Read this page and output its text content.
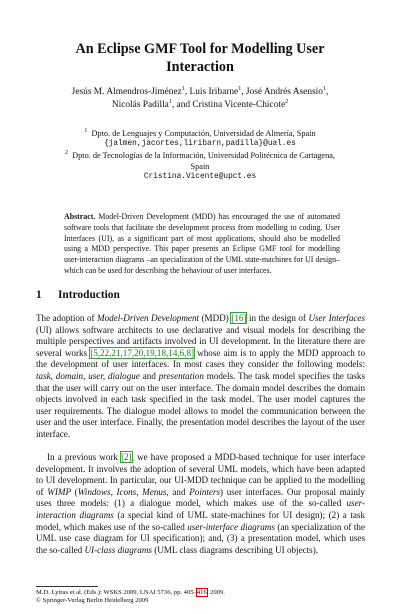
An Eclipse GMF Tool for Modelling User
Interaction
Jesús M. Almendros-Jiménez$^1$, Luis Iribarne$^1$, José Andrés Asensio$^1$,
Nicolás Padilla$^1$, and Cristina Vicente-Chicote$^2$
$^1$ Dpto. de Lenguajes y Computación, Universidad de Almería, Spain
{jalmen,jacortes,liribarn,padilla}@ual.es
$^2$ Dpto. de Tecnologías de la Información, Universidad Politécnica de Cartagena,
Spain
Cristina.Vicente@upct.es
Abstract. Model-Driven Development (MDD) has encouraged the use of automated software tools that facilitate the development process from modelling to coding. User Interfaces (UI), as a significant part of most applications, should also be modelled using a MDD perspective. This paper presents an Eclipse GMF tool for modelling user-interaction diagrams –an specialization of the UML state-machines for UI design– which can be used for describing the behaviour of user interfaces.
1 Introduction
The adoption of Model-Driven Development (MDD) [16] in the design of User Interfaces (UI) allows software architects to use declarative and visual models for describing the multiple perspectives and artifacts involved in UI development. In the literature there are several works [5,22,21,17,20,19,18,14,6,8] whose aim is to apply the MDD approach to the development of user interfaces. In most cases they consider the following models: task, domain, user, dialogue and presentation models. The task model specifies the tasks that the user will carry out on the user interface. The domain model describes the domain objects involved in each task specified in the task model. The user model captures the user requirements. The dialogue model allows to model the communication between the user and the user interface. Finally, the presentation model describes the layout of the user interface.
In a previous work [2], we have proposed a MDD-based technique for user interface development. It involves the adoption of several UML models, which have been adapted to UI development. In particular, our UI-MDD technique can be applied to the modelling of WIMP (Windows, Icons, Menus, and Pointers) user interfaces. Our proposal mainly uses three models: (1) a dialogue model, which makes use of the so-called user-interaction diagrams (a special kind of UML state-machines for UI design); (2) a task model, which makes use of the so-called user-interface diagrams (an specialization of the UML use case diagram for UI specification); and, (3) a presentation model, which uses the so-called UI-class diagrams (UML class diagrams describing UI objects).
M.D. Lytras et al. (Eds.): WSKS 2009, LNAI 5736, pp. 405–416, 2009.
© Springer-Verlag Berlin Heidelberg 2009
